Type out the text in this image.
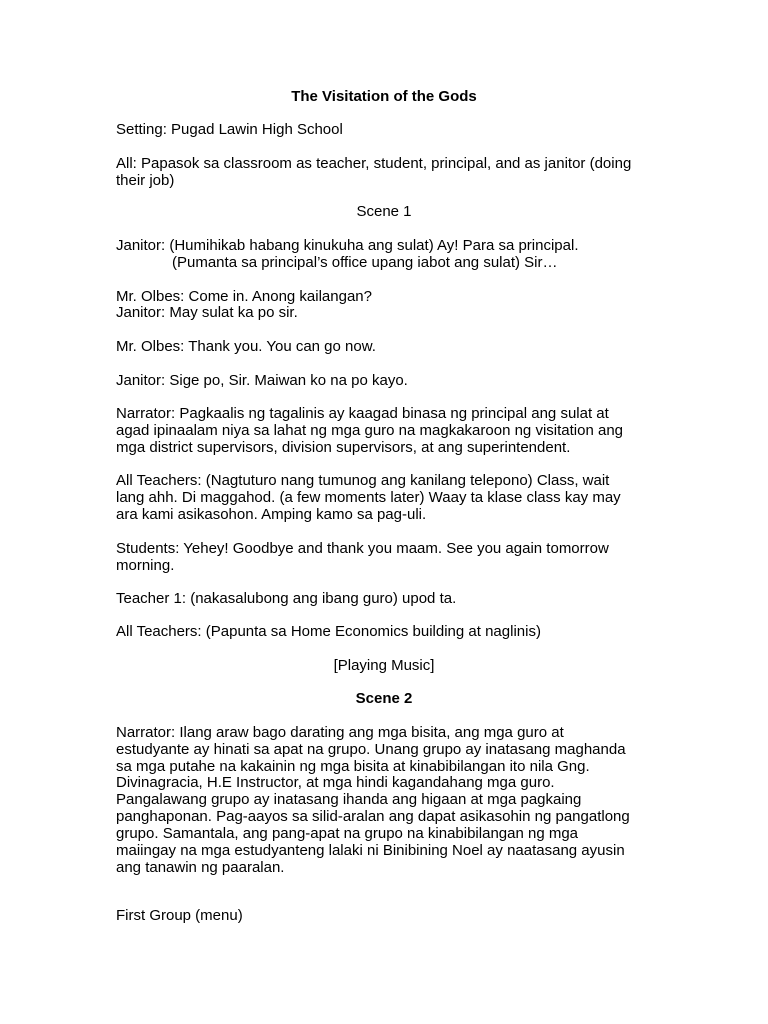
The Visitation of the Gods
Setting: Pugad Lawin High School
All: Papasok sa classroom as teacher, student, principal, and as janitor (doing
their job)
Scene 1
Janitor: (Humihikab habang kinukuha ang sulat) Ay! Para sa principal.
(Pumanta sa principal’s office upang iabot ang sulat) Sir…
Mr. Olbes: Come in. Anong kailangan?
Janitor: May sulat ka po sir.
Mr. Olbes: Thank you. You can go now.
Janitor: Sige po, Sir. Maiwan ko na po kayo.
Narrator: Pagkaalis ng tagalinis ay kaagad binasa ng principal ang sulat at
agad ipinaalam niya sa lahat ng mga guro na magkakaroon ng visitation ang
mga district supervisors, division supervisors, at ang superintendent.
All Teachers: (Nagtuturo nang tumunog ang kanilang telepono) Class, wait
lang ahh. Di maggahod. (a few moments later) Waay ta klase class kay may
ara kami asikasohon. Amping kamo sa pag-uli.
Students: Yehey! Goodbye and thank you maam. See you again tomorrow
morning.
Teacher 1: (nakasalubong ang ibang guro) upod ta.
All Teachers: (Papunta sa Home Economics building at naglinis)
[Playing Music]
Scene 2
Narrator: Ilang araw bago darating ang mga bisita, ang mga guro at
estudyante ay hinati sa apat na grupo. Unang grupo ay inatasang maghanda
sa mga putahe na kakainin ng mga bisita at kinabibilangan ito nila Gng.
Divinagracia, H.E Instructor, at mga hindi kagandahang mga guro.
Pangalawang grupo ay inatasang ihanda ang higaan at mga pagkaing
panghaponan. Pag-aayos sa silid-aralan ang dapat asikasohin ng pangatlong
grupo. Samantala, ang pang-apat na grupo na kinabibilangan ng mga
maiingay na mga estudyanteng lalaki ni Binibining Noel ay naatasang ayusin
ang tanawin ng paaralan.
First Group (menu)
